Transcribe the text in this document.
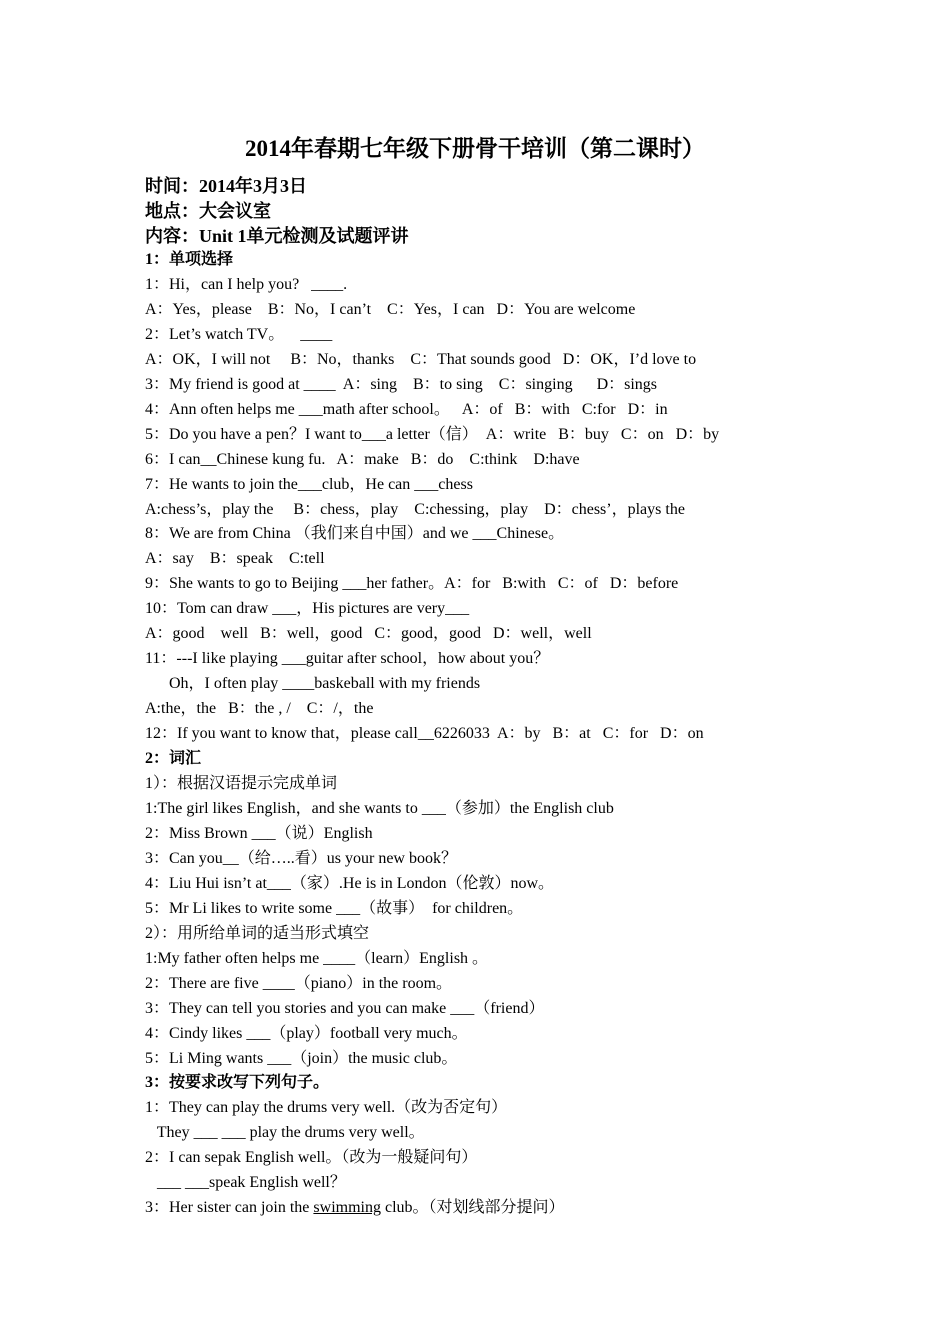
2014年春期七年级下册骨干培训（第二课时）
时间：2014年3月3日
地点：大会议室
内容：Unit 1单元检测及试题评讲
1：单项选择
1：Hi，can I help you?   ____.
A：Yes，please    B：No，I can’t    C：Yes，I can   D：You are welcome
2：Let’s watch TV。    ____
A：OK，I will not     B：No，thanks    C：That sounds good   D：OK，I’d love to
3：My friend is good at ____  A：sing    B：to sing    C：singing      D：sings
4：Ann often helps me ___math after school。   A：of   B：with   C:for   D：in
5：Do you have a pen？I want to___a letter（信）  A：write   B：buy   C：on   D：by
6：I can__Chinese kung fu.   A：make   B：do    C:think    D:have
7：He wants to join the___club，He can ___chess
A:chess’s，play the     B：chess，play    C:chessing，play    D：chess’，plays the
8：We are from China （我们来自中国）and we ___Chinese。
A：say    B：speak    C:tell
9：She wants to go to Beijing ___her father。A：for   B:with   C：of   D：before
10：Tom can draw ___，His pictures are very___
A：good    well   B：well，good   C：good，good   D：well，well
11：---I like playing ___guitar after school，how about you？
Oh，I often play ____baskeball with my friends
A:the，the   B：the , /    C：/，the
12：If you want to know that，please call__6226033  A：by   B：at   C：for   D：on
2：词汇
1）：根据汉语提示完成单词
1:The girl likes English，and she wants to ___（参加）the English club
2：Miss Brown ___（说）English
3：Can you__（给…..看）us your new book？
4：Liu Hui isn’t at___（家）.He is in London（伦敦）now。
5：Mr Li likes to write some ___（故事）  for children。
2）：用所给单词的适当形式填空
1:My father often helps me ____（learn）English 。
2：There are five ____（piano）in the room。
3：They can tell you stories and you can make ___（friend）
4：Cindy likes ___（play）football very much。
5：Li Ming wants ___（join）the music club。
3：按要求改写下列句子。
1：They can play the drums very well.（改为否定句）
They ___ ___ play the drums very well。
2：I can sepak English well。（改为一般疑问句）
___ ___speak English well？
3：Her sister can join the swimming club。（对划线部分提问）
